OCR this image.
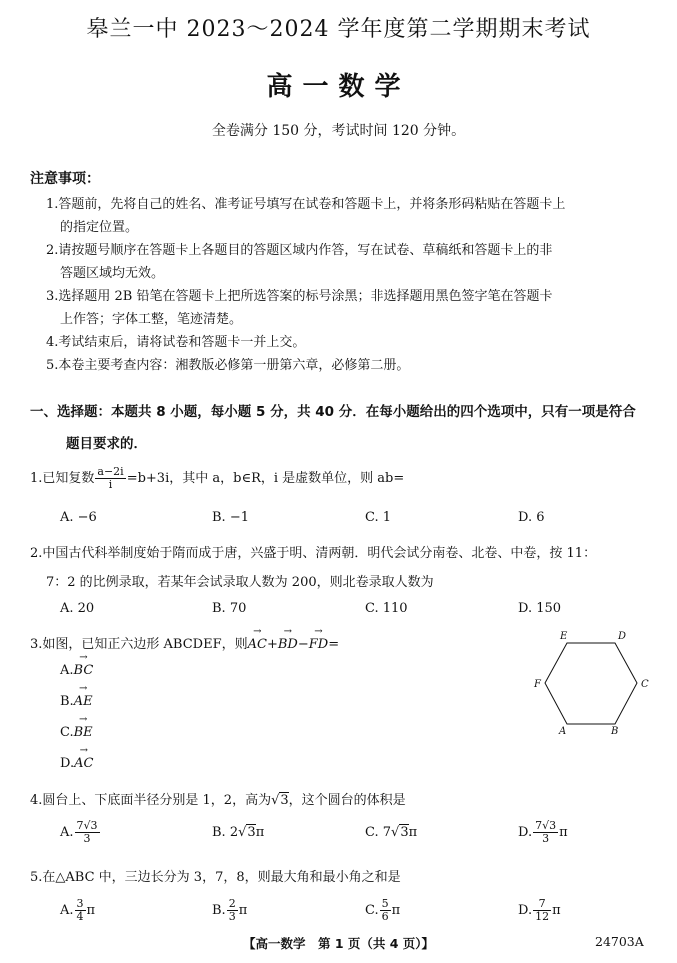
皋兰一中 2023～2024 学年度第二学期期末考试
高一数学
全卷满分 150 分，考试时间 120 分钟。
注意事项：
1.答题前，先将自己的姓名、准考证号填写在试卷和答题卡上，并将条形码粘贴在答题卡上
的指定位置。
2.请按题号顺序在答题卡上各题目的答题区域内作答，写在试卷、草稿纸和答题卡上的非
答题区域均无效。
3.选择题用 2B 铅笔在答题卡上把所选答案的标号涂黑；非选择题用黑色签字笔在答题卡
上作答；字体工整，笔迹清楚。
4.考试结束后，请将试卷和答题卡一并上交。
5.本卷主要考查内容：湘教版必修第一册第六章，必修第二册。
一、选择题：本题共 8 小题，每小题 5 分，共 40 分．在每小题给出的四个选项中，只有一项是符合
题目要求的．
1.已知复数 $\frac{a-2i}{i} =b+3i$，其中 a，b∈R，i 是虚数单位，则 ab=
A. −6	B. −1	C. 1	D. 6
2.中国古代科举制度始于隋而成于唐，兴盛于明、清两朝．明代会试分南卷、北卷、中卷，按 11：
7：2 的比例录取，若某年会试录取人数为 200，则北卷录取人数为
A. 20	B. 70	C. 110	D. 150
3.如图，已知正六边形 ABCDEF，则→ AC+→ BD−→ FD=
A.→ BC
B.→ AE
C.→ BE
D.→ AC
E	D
F	C
A	B
4.圆台上、下底面半径分别是 1，2，高为√3，这个圆台的体积是
A. $\frac{7√3}{3}$	B. 2√3π	C. 7√3π	D. $\frac{7√3}{3}$ π
5.在△ABC 中，三边长分为 3，7，8，则最大角和最小角之和是
A. $\frac{3}{4}$ π	B. $\frac{2}{3}$ π	C. $\frac{5}{6}$ π	D. $\frac{7}{12}$ π
【高一数学　第 1 页（共 4 页）】	24703A
